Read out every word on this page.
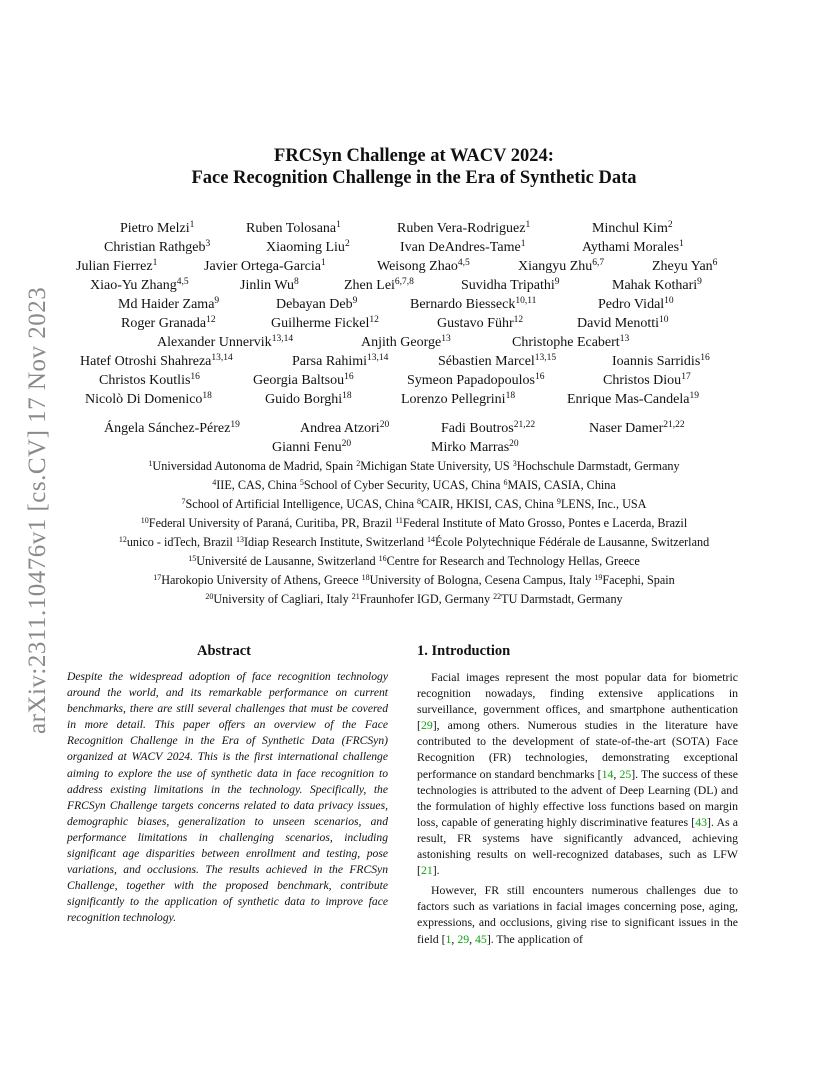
arXiv:2311.10476v1 [cs.CV] 17 Nov 2023
FRCSyn Challenge at WACV 2024:
Face Recognition Challenge in the Era of Synthetic Data
Pietro Melzi$^1$	Ruben Tolosana$^1$	Ruben Vera-Rodriguez$^1$	Minchul Kim$^2$
Christian Rathgeb$^3$	Xiaoming Liu$^2$	Ivan DeAndres-Tame$^1$	Aythami Morales$^1$
Julian Fierrez$^1$	Javier Ortega-Garcia$^1$	Weisong Zhao$^{4,5}$	Xiangyu Zhu$^{6,7}$	Zheyu Yan$^6$
Xiao-Yu Zhang$^{4,5}$	Jinlin Wu$^8$	Zhen Lei$^{6,7,8}$	Suvidha Tripathi$^9$	Mahak Kothari$^9$
Md Haider Zama$^9$	Debayan Deb$^9$	Bernardo Biesseck$^{10,11}$	Pedro Vidal$^{10}$
Roger Granada$^{12}$	Guilherme Fickel$^{12}$	Gustavo Führ$^{12}$	David Menotti$^{10}$
Alexander Unnervik$^{13,14}$	Anjith George$^{13}$	Christophe Ecabert$^{13}$
Hatef Otroshi Shahreza$^{13,14}$	Parsa Rahimi$^{13,14}$	Sébastien Marcel$^{13,15}$	Ioannis Sarridis$^{16}$
Christos Koutlis$^{16}$	Georgia Baltsou$^{16}$	Symeon Papadopoulos$^{16}$	Christos Diou$^{17}$
Nicolò Di Domenico$^{18}$	Guido Borghi$^{18}$	Lorenzo Pellegrini$^{18}$	Enrique Mas-Candela$^{19}$
Ángela Sánchez-Pérez$^{19}$	Andrea Atzori$^{20}$	Fadi Boutros$^{21,22}$	Naser Damer$^{21,22}$
Gianni Fenu$^{20}$	Mirko Marras$^{20}$
$^1$Universidad Autonoma de Madrid, Spain $^2$Michigan State University, US $^3$Hochschule Darmstadt, Germany
$^4$IIE, CAS, China $^5$School of Cyber Security, UCAS, China $^6$MAIS, CASIA, China
$^7$School of Artificial Intelligence, UCAS, China $^8$CAIR, HKISI, CAS, China $^9$LENS, Inc., USA
$^{10}$Federal University of Paraná, Curitiba, PR, Brazil $^{11}$Federal Institute of Mato Grosso, Pontes e Lacerda, Brazil
$^{12}$unico - idTech, Brazil $^{13}$Idiap Research Institute, Switzerland $^{14}$École Polytechnique Fédérale de Lausanne, Switzerland
$^{15}$Université de Lausanne, Switzerland $^{16}$Centre for Research and Technology Hellas, Greece
$^{17}$Harokopio University of Athens, Greece $^{18}$University of Bologna, Cesena Campus, Italy $^{19}$Facephi, Spain
$^{20}$University of Cagliari, Italy $^{21}$Fraunhofer IGD, Germany $^{22}$TU Darmstadt, Germany
Abstract
Despite the widespread adoption of face recognition technology around the world, and its remarkable performance on current benchmarks, there are still several challenges that must be covered in more detail. This paper offers an overview of the Face Recognition Challenge in the Era of Synthetic Data (FRCSyn) organized at WACV 2024. This is the first international challenge aiming to explore the use of synthetic data in face recognition to address existing limitations in the technology. Specifically, the FRCSyn Challenge targets concerns related to data privacy issues, demographic biases, generalization to unseen scenarios, and performance limitations in challenging scenarios, including significant age disparities between enrollment and testing, pose variations, and occlusions. The results achieved in the FRCSyn Challenge, together with the proposed benchmark, contribute significantly to the application of synthetic data to improve face recognition technology.
1. Introduction

Facial images represent the most popular data for biometric recognition nowadays, finding extensive applications in surveillance, government offices, and smartphone authentication [29], among others. Numerous studies in the literature have contributed to the development of state-of-the-art (SOTA) Face Recognition (FR) technologies, demonstrating exceptional performance on standard benchmarks [14, 25]. The success of these technologies is attributed to the advent of Deep Learning (DL) and the formulation of highly effective loss functions based on margin loss, capable of generating highly discriminative features [43]. As a result, FR systems have significantly advanced, achieving astonishing results on well-recognized databases, such as LFW [21].

However, FR still encounters numerous challenges due to factors such as variations in facial images concerning pose, aging, expressions, and occlusions, giving rise to significant issues in the field [1, 29, 45]. The application of
